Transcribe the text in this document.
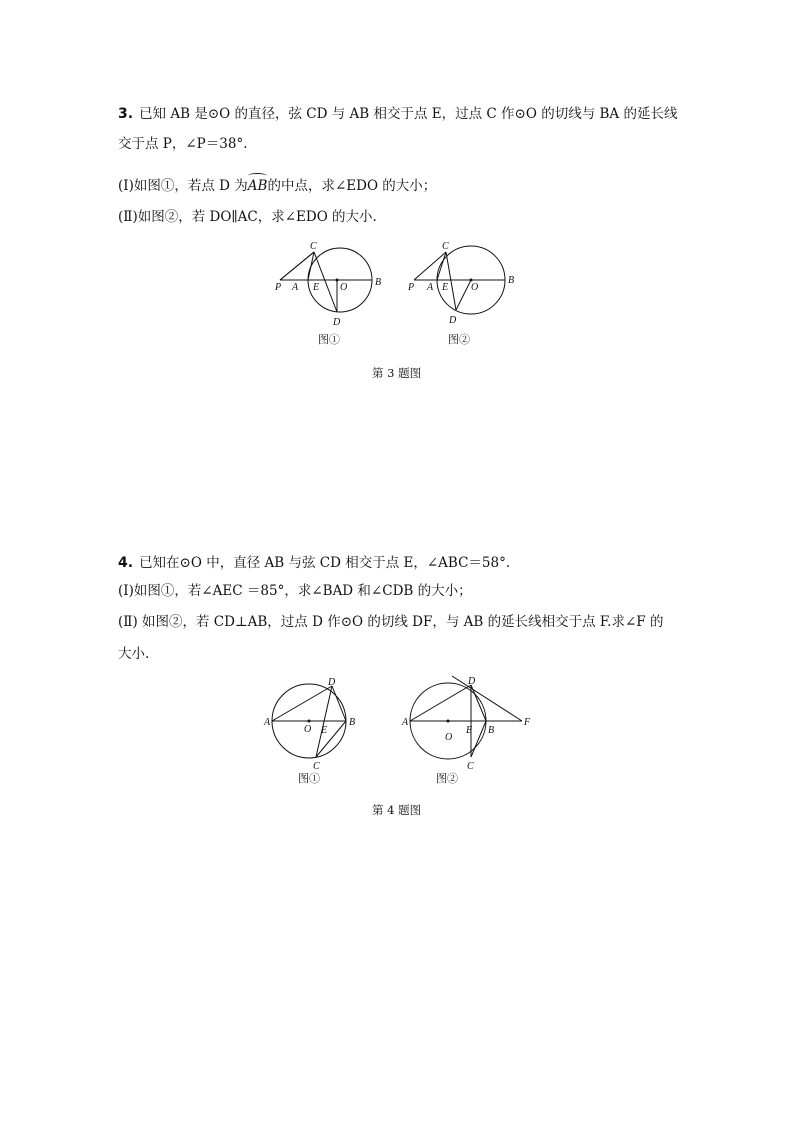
3. 已知 AB 是⊙O 的直径，弦 CD 与 AB 相交于点 E，过点 C 作⊙O 的切线与 BA 的延长线
交于点 P，∠P＝38°.
(Ⅰ)如图①，若点 D 为AB的中点，求∠EDO 的大小；
(Ⅱ)如图②，若 DO∥AC，求∠EDO 的大小.
C
P A E O	B
D
图①
C
P A E O
B
D
图②
第 3 题图
4. 已知在⊙O 中，直径 AB 与弦 CD 相交于点 E，∠ABC＝58°.
(Ⅰ)如图①，若∠AEC ＝85°，求∠BAD 和∠CDB 的大小；
(Ⅱ) 如图②，若 CD⊥AB，过点 D 作⊙O 的切线 DF，与 AB 的延长线相交于点 F.求∠F 的
大小.
A	B
D
O E
C
图①
A
B
D
O
E
F
C
图②
第 4 题图
